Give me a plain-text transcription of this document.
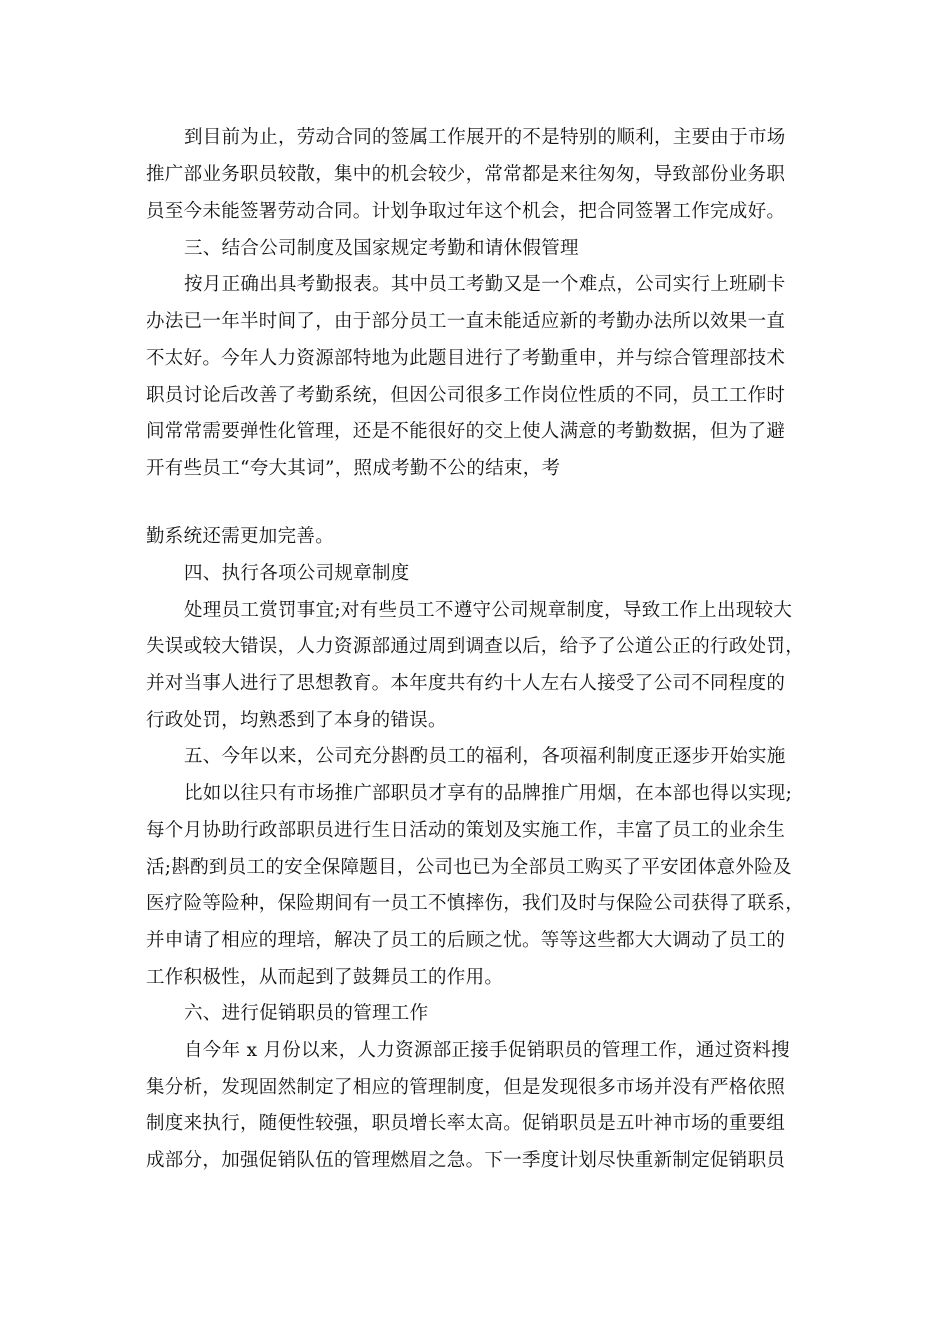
到目前为止，劳动合同的签属工作展开的不是特别的顺利，主要由于市场
推广部业务职员较散，集中的机会较少，常常都是来往匆匆，导致部份业务职
员至今未能签署劳动合同。计划争取过年这个机会，把合同签署工作完成好。
三、结合公司制度及国家规定考勤和请休假管理
按月正确出具考勤报表。其中员工考勤又是一个难点，公司实行上班刷卡
办法已一年半时间了，由于部分员工一直未能适应新的考勤办法所以效果一直
不太好。今年人力资源部特地为此题目进行了考勤重申，并与综合管理部技术
职员讨论后改善了考勤系统，但因公司很多工作岗位性质的不同，员工工作时
间常常需要弹性化管理，还是不能很好的交上使人满意的考勤数据，但为了避
开有些员工“夸大其词”，照成考勤不公的结束，考
勤系统还需更加完善。
四、执行各项公司规章制度
处理员工赏罚事宜;对有些员工不遵守公司规章制度，导致工作上出现较大
失误或较大错误，人力资源部通过周到调查以后，给予了公道公正的行政处罚，
并对当事人进行了思想教育。本年度共有约十人左右人接受了公司不同程度的
行政处罚，均熟悉到了本身的错误。
五、今年以来，公司充分斟酌员工的福利，各项福利制度正逐步开始实施
比如以往只有市场推广部职员才享有的品牌推广用烟，在本部也得以实现;
每个月协助行政部职员进行生日活动的策划及实施工作，丰富了员工的业余生
活;斟酌到员工的安全保障题目，公司也已为全部员工购买了平安团体意外险及
医疗险等险种，保险期间有一员工不慎摔伤，我们及时与保险公司获得了联系，
并申请了相应的理培，解决了员工的后顾之忧。等等这些都大大调动了员工的
工作积极性，从而起到了鼓舞员工的作用。
六、进行促销职员的管理工作
自今年 x 月份以来，人力资源部正接手促销职员的管理工作，通过资料搜
集分析，发现固然制定了相应的管理制度，但是发现很多市场并没有严格依照
制度来执行，随便性较强，职员增长率太高。促销职员是五叶神市场的重要组
成部分，加强促销队伍的管理燃眉之急。下一季度计划尽快重新制定促销职员
